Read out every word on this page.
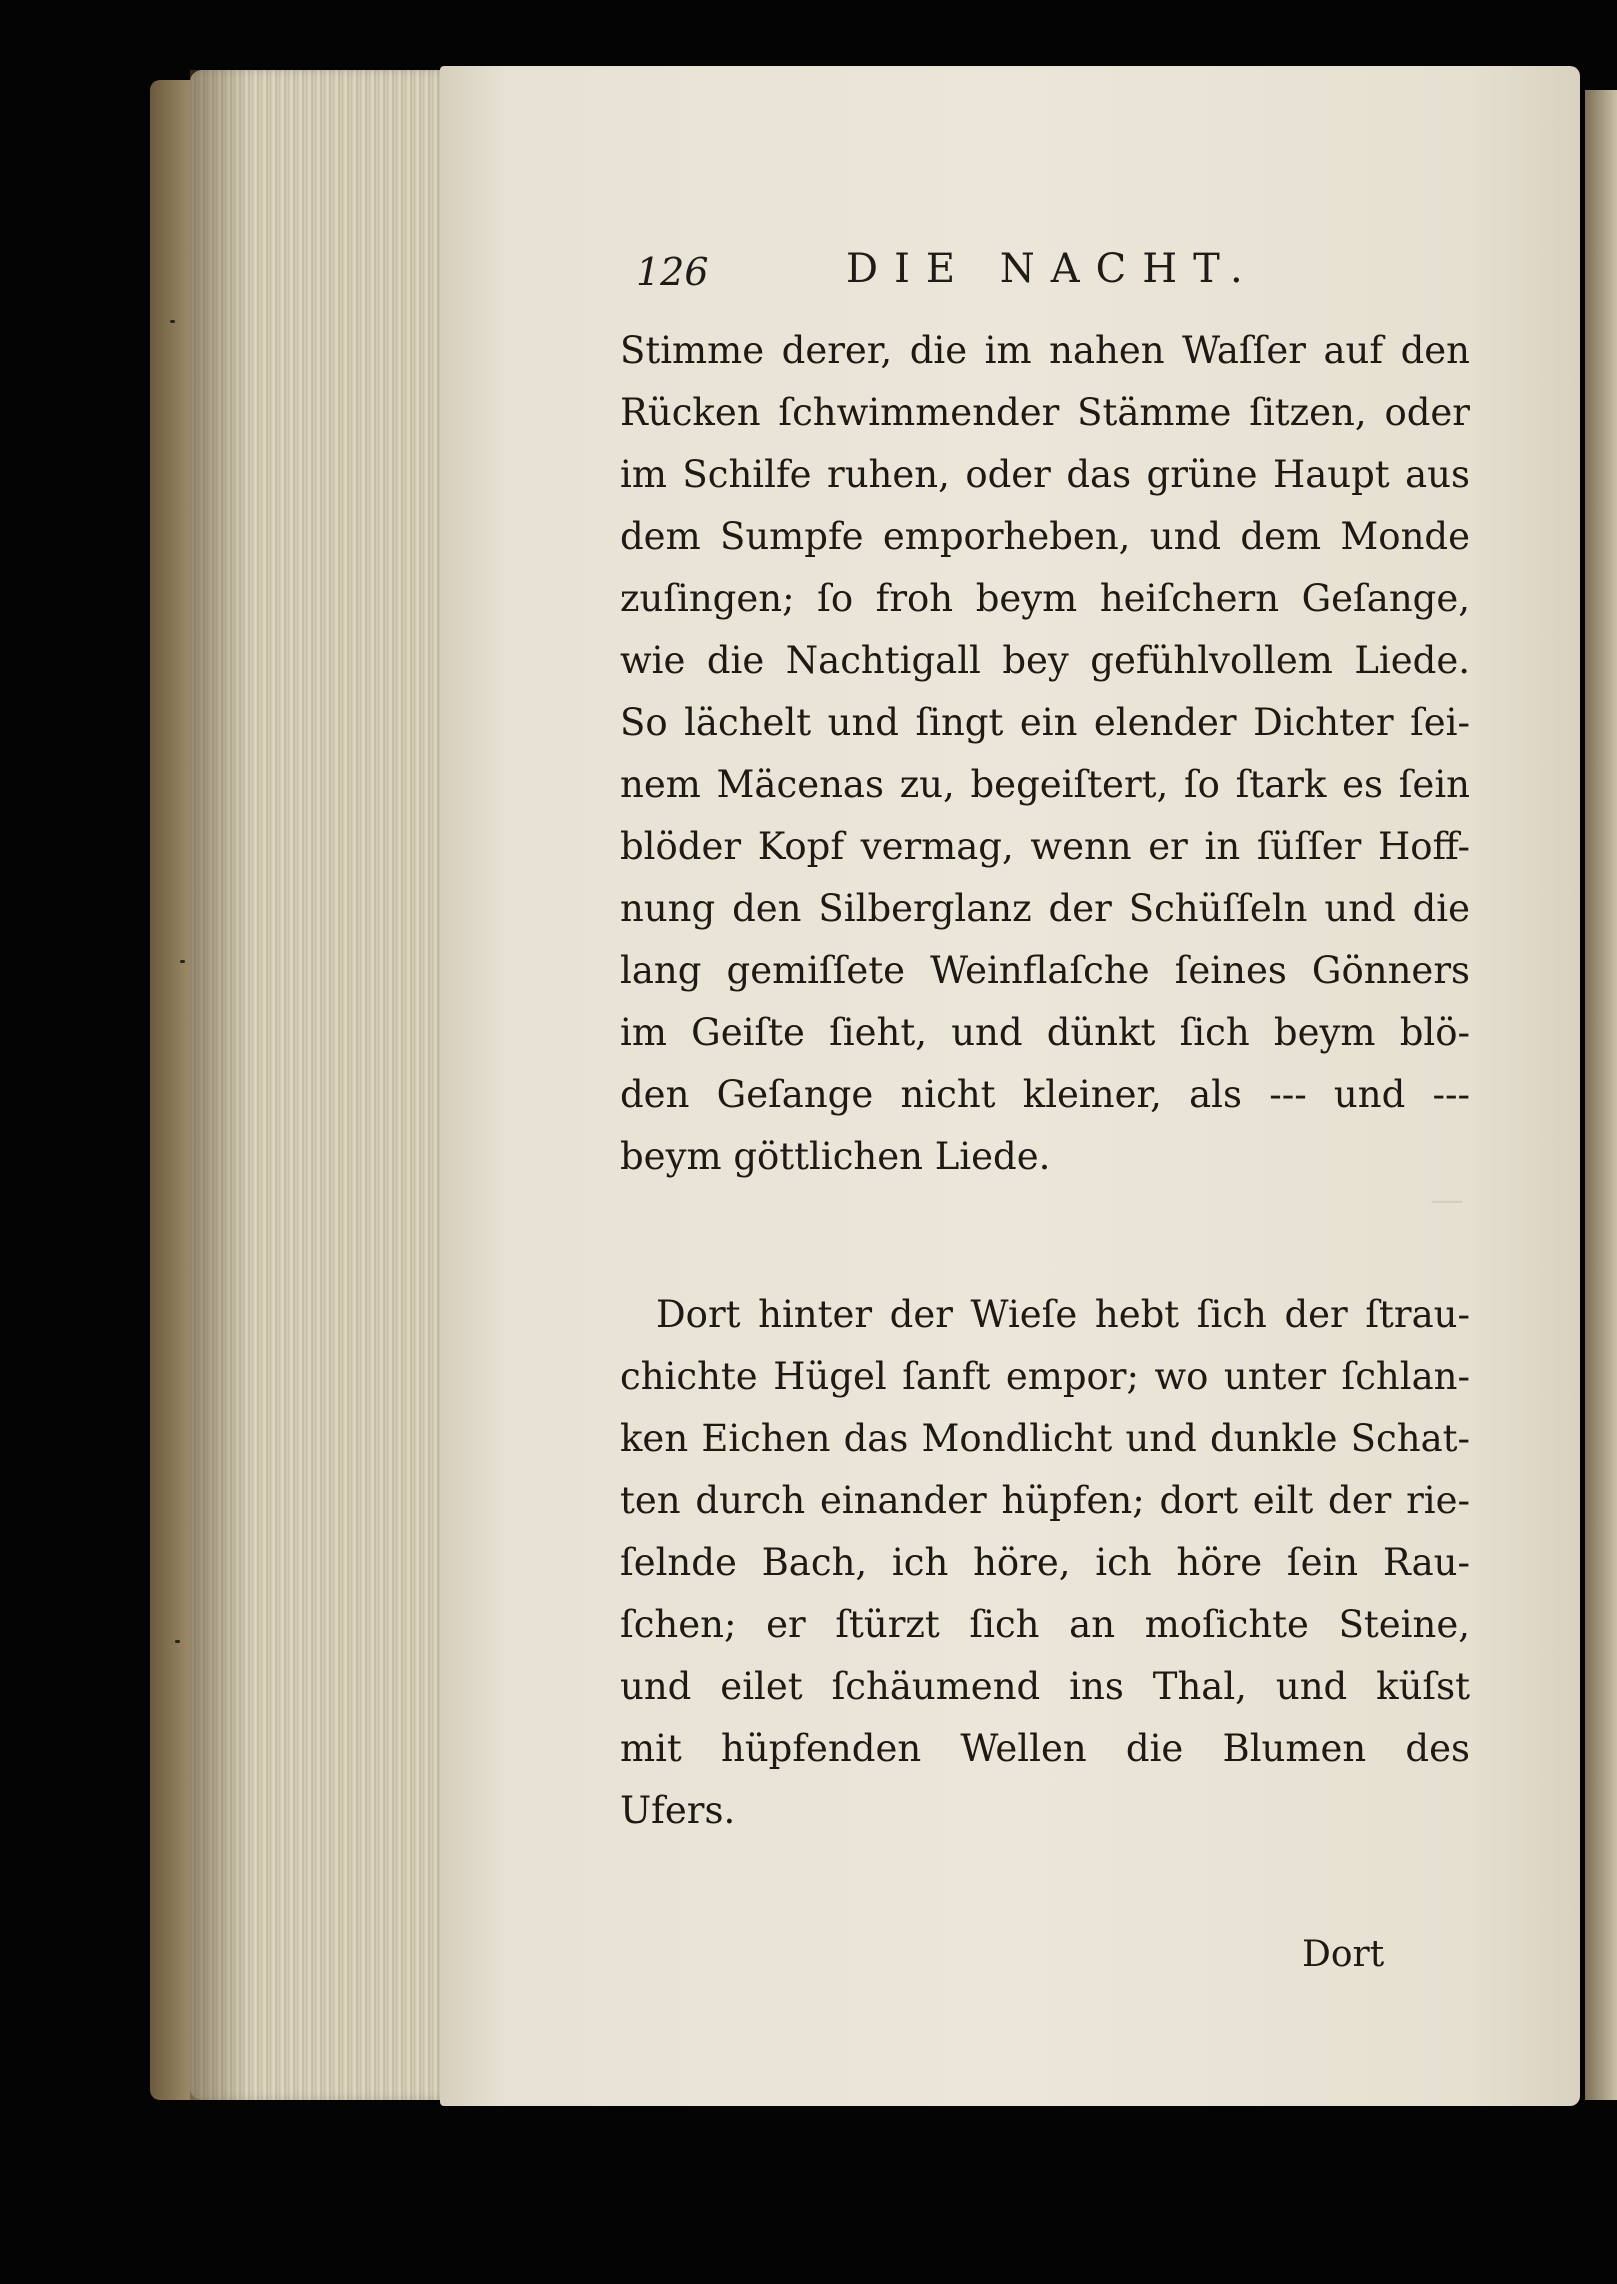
—
126	DIE NACHT.
Stimme derer, die im nahen Waſſer auf den
Rücken ſchwimmender Stämme ſitzen, oder
im Schilfe ruhen, oder das grüne Haupt aus
dem Sumpfe emporheben, und dem Monde
zuſingen; ſo froh beym heiſchern Geſange,
wie die Nachtigall bey gefühlvollem Liede.
So lächelt und ſingt ein elender Dichter ſei-
nem Mäcenas zu, begeiſtert, ſo ſtark es ſein
blöder Kopf vermag, wenn er in ſüſſer Hoff-
nung den Silberglanz der Schüſſeln und die
lang gemiſſete Weinflaſche ſeines Gönners
im Geiſte ſieht, und dünkt ſich beym blö-
den Geſange nicht kleiner, als --- und ---
beym göttlichen Liede.
Dort hinter der Wieſe hebt ſich der ſtrau-
chichte Hügel ſanft empor; wo unter ſchlan-
ken Eichen das Mondlicht und dunkle Schat-
ten durch einander hüpfen; dort eilt der rie-
ſelnde Bach, ich höre, ich höre ſein Rau-
ſchen; er ſtürzt ſich an moſichte Steine,
und eilet ſchäumend ins Thal, und küſst
mit hüpfenden Wellen die Blumen des
Ufers.
Dort
